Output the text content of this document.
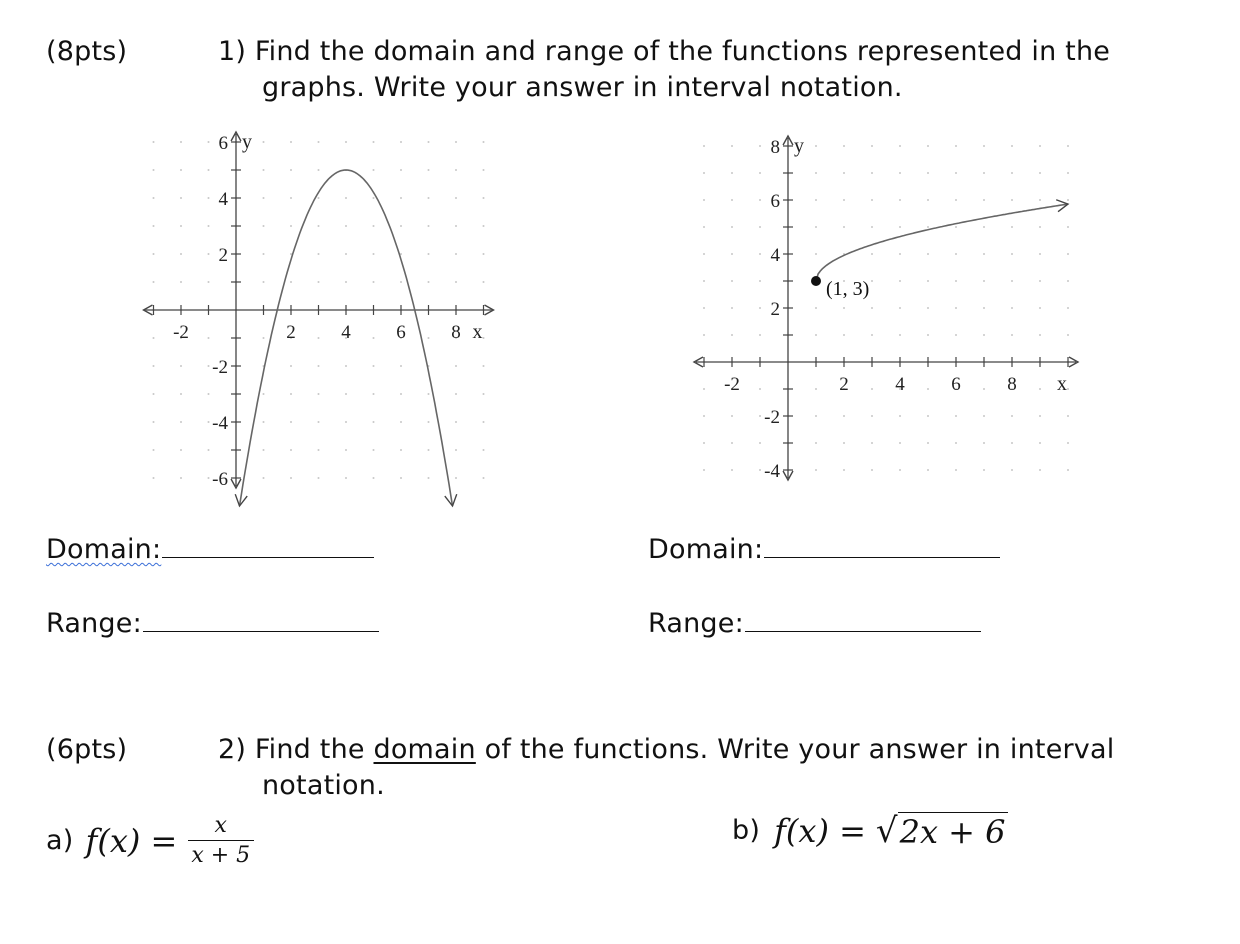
(8pts)	1) Find the domain and range of the functions represented in the
graphs. Write your answer in interval notation.
-2	2 4 6 8
6
4
2
-2
-4
-6
x
y
-2	2 4 6 8
8
6
4
2
-2
-4
x
y
(1, 3)
Domain:
Range:
Domain:
Range:
(6pts)	2) Find the domain of the functions. Write your answer in interval
notation.
a) f(x) = x
x + 5
b) f(x) = √ 2x + 6
